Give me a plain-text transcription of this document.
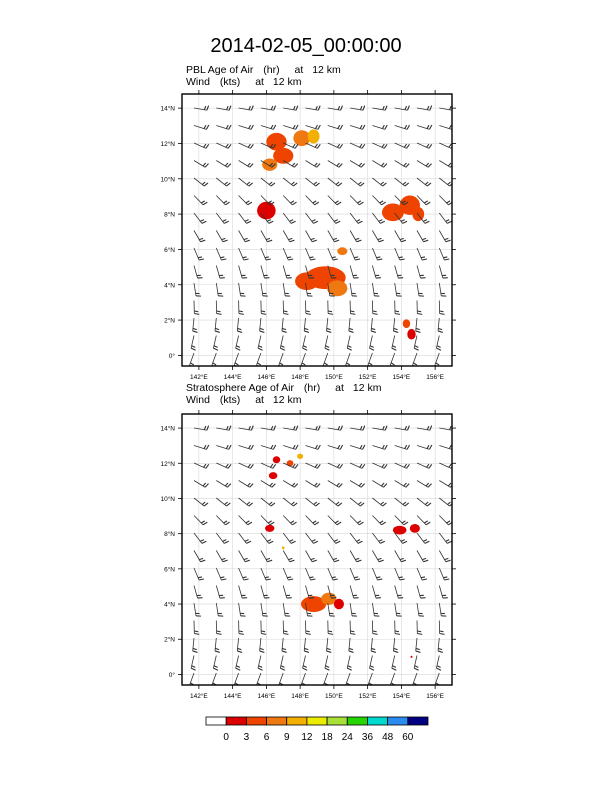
2014-02-05_00:00:00
PBL Age of Air (hr) at 12 km
Wind (kts) at 12 km
142°E 144°E 146°E 148°E 150°E 152°E 154°E 156°E
0°
2°N
4°N
6°N
8°N
10°N
12°N
14°N
Stratosphere Age of Air (hr) at 12 km
Wind (kts) at 12 km
142°E 144°E 146°E 148°E 150°E 152°E 154°E 156°E
0°
2°N
4°N
6°N
8°N
10°N
12°N
14°N
0 3 6 9 12 18 24 36 48 60
